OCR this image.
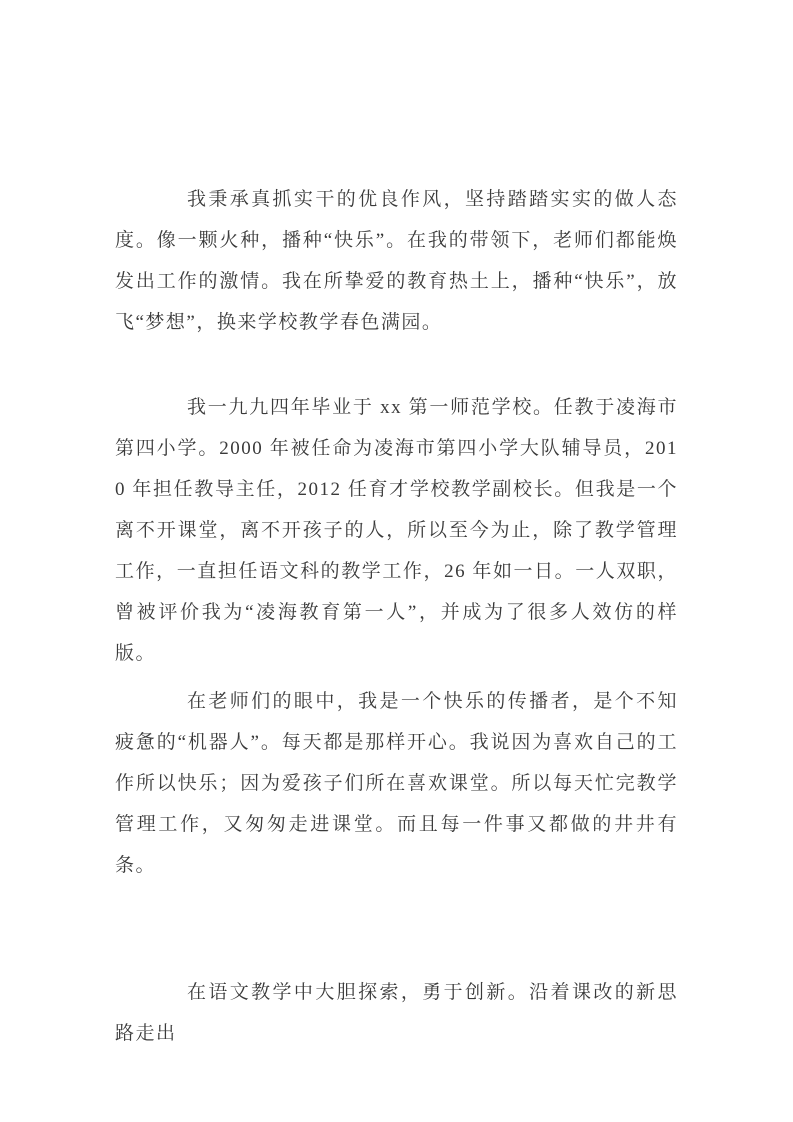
我秉承真抓实干的优良作风，坚持踏踏实实的做人态度。像一颗火种，播种“快乐”。在我的带领下，老师们都能焕发出工作的激情。我在所挚爱的教育热土上，播种“快乐”，放飞“梦想”，换来学校教学春色满园。

我一九九四年毕业于 xx 第一师范学校。任教于凌海市第四小学。2000 年被任命为凌海市第四小学大队辅导员，2010 年担任教导主任，2012 任育才学校教学副校长。但我是一个离不开课堂，离不开孩子的人，所以至今为止，除了教学管理工作，一直担任语文科的教学工作，26 年如一日。一人双职，曾被评价我为“凌海教育第一人”，并成为了很多人效仿的样版。

在老师们的眼中，我是一个快乐的传播者，是个不知疲惫的“机器人”。每天都是那样开心。我说因为喜欢自己的工作所以快乐；因为爱孩子们所在喜欢课堂。所以每天忙完教学管理工作，又匆匆走进课堂。而且每一件事又都做的井井有条。

在语文教学中大胆探索，勇于创新。沿着课改的新思路走出
